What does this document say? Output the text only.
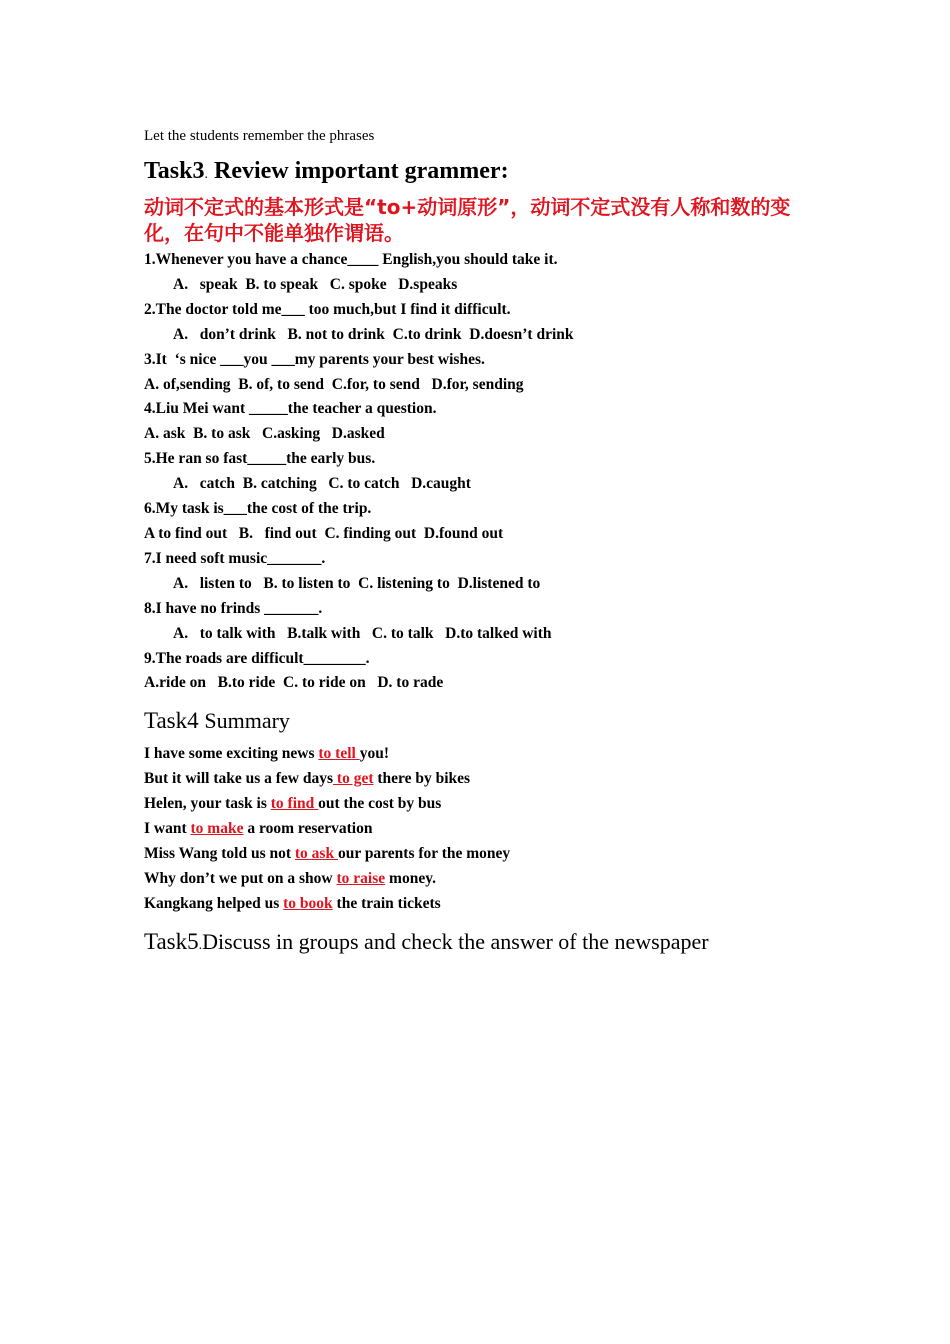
Let the students remember the phrases

Task3. Review important grammer:

动词不定式的基本形式是“to+动词原形”，动词不定式没有人称和数的变化，在句中不能单独作谓语。

1.Whenever you have a chance____ English,you should take it.

A.   speak  B. to speak   C. spoke   D.speaks

2.The doctor told me___ too much,but I find it difficult.

A.   don’t drink   B. not to drink  C.to drink  D.doesn’t drink

3.It  ‘s nice ___you ___my parents your best wishes.

A. of,sending  B. of, to send  C.for, to send   D.for, sending

4.Liu Mei want _____the teacher a question.

A. ask  B. to ask   C.asking   D.asked

5.He ran so fast_____the early bus.

A.   catch  B. catching   C. to catch   D.caught

6.My task is___the cost of the trip.

A to find out   B.   find out  C. finding out  D.found out

7.I need soft music_______.

A.   listen to   B. to listen to  C. listening to  D.listened to

8.I have no frinds _______.

A.   to talk with   B.talk with   C. to talk   D.to talked with

9.The roads are difficult________.

A.ride on   B.to ride  C. to ride on   D. to rade

Task4 Summary

I have some exciting news to tell you!

But it will take us a few days to get there by bikes

Helen, your task is to find out the cost by bus

I want to make a room reservation

Miss Wang told us not to ask our parents for the money

Why don’t we put on a show to raise money.

Kangkang helped us to book the train tickets

Task5.Discuss in groups and check the answer of the newspaper
